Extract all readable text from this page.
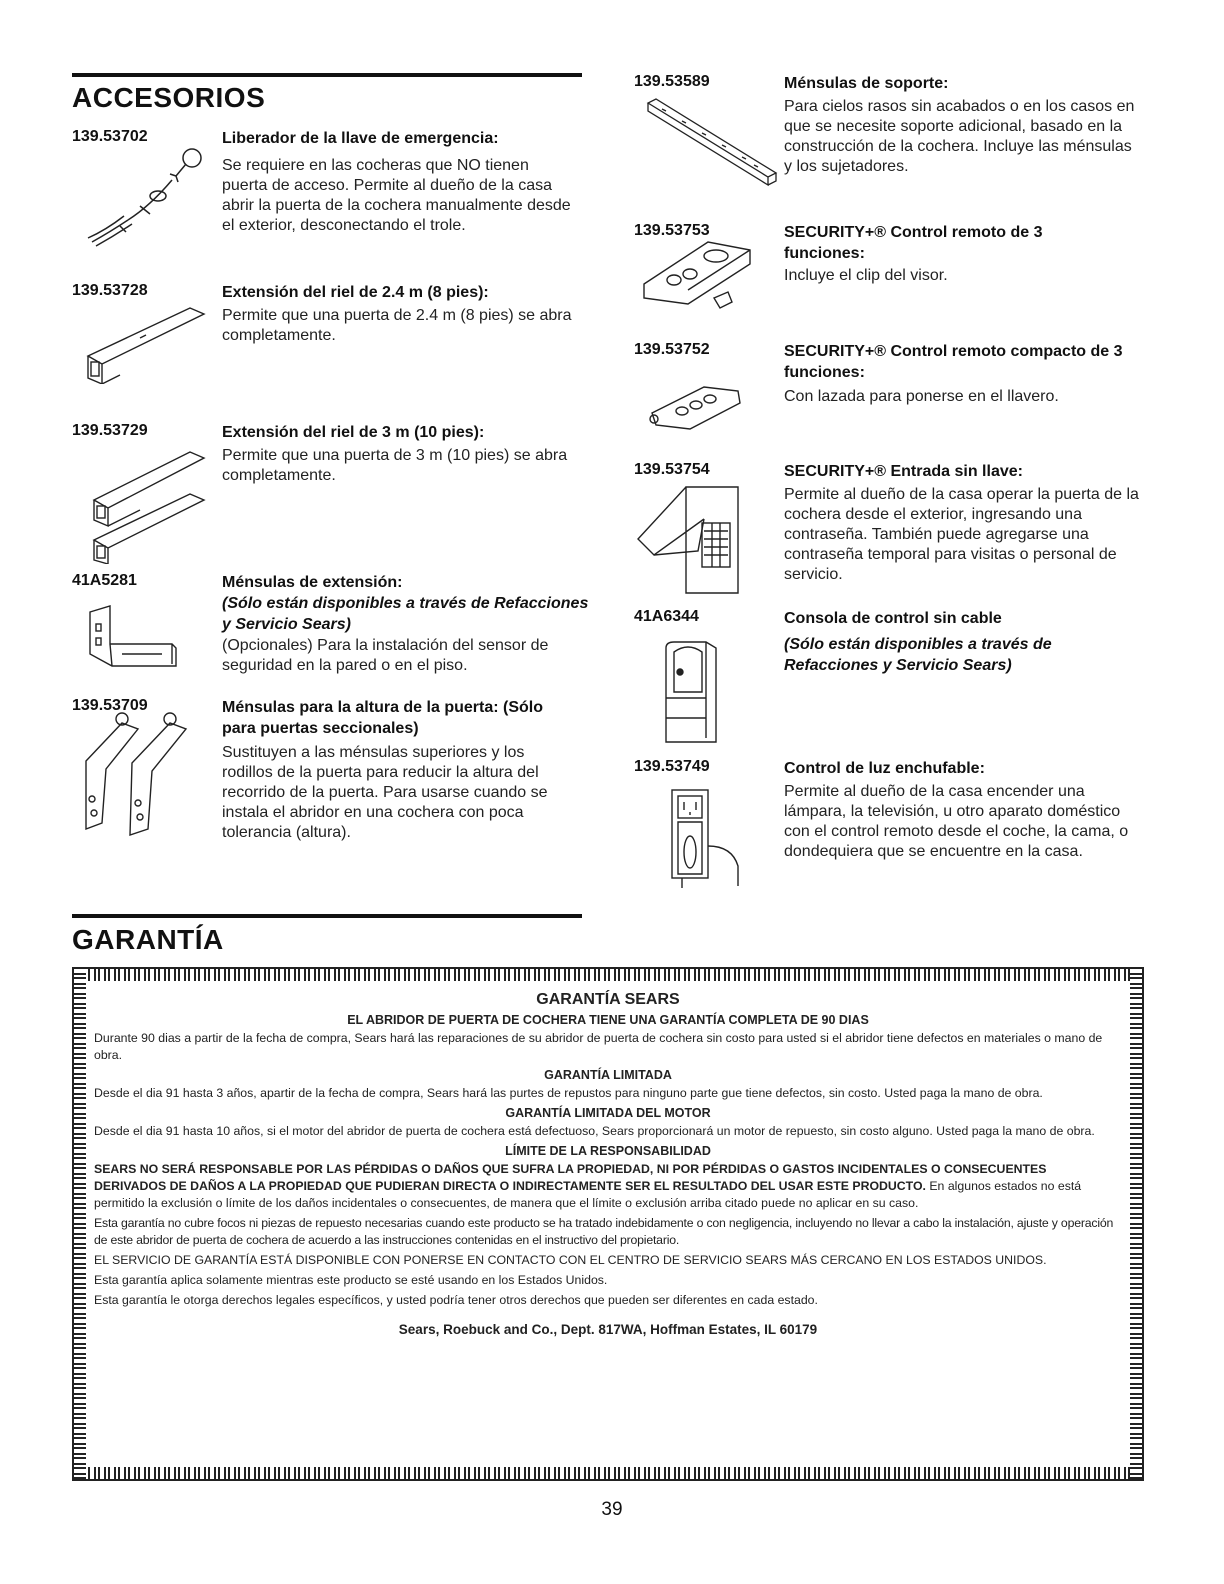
ACCESORIOS
139.53702	Liberador de la llave de emergencia:
Se requiere en las cocheras que NO tienen puerta de acceso. Permite al dueño de la casa abrir la puerta de la cochera manualmente desde el exterior, desconectando el trole.
139.53728	Extensión del riel de 2.4 m (8 pies):
Permite que una puerta de 2.4 m (8 pies) se abra completamente.
139.53729	Extensión del riel de 3 m (10 pies):
Permite que una puerta de 3 m (10 pies) se abra completamente.
41A5281	Ménsulas de extensión:
(Sólo están disponibles a través de Refacciones y Servicio Sears)
(Opcionales) Para la instalación del sensor de seguridad en la pared o en el piso.
139.53709	Ménsulas para la altura de la puerta: (Sólo para puertas seccionales)
Sustituyen a las ménsulas superiores y los rodillos de la puerta para reducir la altura del recorrido de la puerta. Para usarse cuando se instala el abridor en una cochera con poca tolerancia (altura).
139.53589	Ménsulas de soporte:
Para cielos rasos sin acabados o en los casos en que se necesite soporte adicional, basado en la construcción de la cochera. Incluye las ménsulas y los sujetadores.
139.53753	SECURITY+® Control remoto de 3 funciones:
Incluye el clip del visor.
139.53752	SECURITY+® Control remoto compacto de 3 funciones:
Con lazada para ponerse en el llavero.
139.53754	SECURITY+® Entrada sin llave:
Permite al dueño de la casa operar la puerta de la cochera desde el exterior, ingresando una contraseña. También puede agregarse una contraseña temporal para visitas o personal de servicio.
41A6344	Consola de control sin cable
(Sólo están disponibles a través de Refacciones y Servicio Sears)
139.53749	Control de luz enchufable:
Permite al dueño de la casa encender una lámpara, la televisión, u otro aparato doméstico con el control remoto desde el coche, la cama, o dondequiera que se encuentre en la casa.
GARANTÍA
GARANTÍA SEARS
EL ABRIDOR DE PUERTA DE COCHERA TIENE UNA GARANTÍA COMPLETA DE 90 DIAS

Durante 90 dias a partir de la fecha de compra, Sears hará las reparaciones de su abridor de puerta de cochera sin costo para usted si el abridor tiene defectos en materiales o mano de obra.

GARANTÍA LIMITADA

Desde el dia 91 hasta 3 años, apartir de la fecha de compra, Sears hará las purtes de repustos para ninguno parte gue tiene defectos, sin costo. Usted paga la mano de obra.

GARANTÍA LIMITADA DEL MOTOR

Desde el dia 91 hasta 10 años, si el motor del abridor de puerta de cochera está defectuoso, Sears proporcionará un motor de repuesto, sin costo alguno. Usted paga la mano de obra.

LÍMITE DE LA RESPONSABILIDAD

SEARS NO SERÁ RESPONSABLE POR LAS PÉRDIDAS O DAÑOS QUE SUFRA LA PROPIEDAD, NI POR PÉRDIDAS O GASTOS INCIDENTALES O CONSECUENTES DERIVADOS DE DAÑOS A LA PROPIEDAD QUE PUDIERAN DIRECTA O INDIRECTAMENTE SER EL RESULTADO DEL USAR ESTE PRODUCTO. En algunos estados no está permitido la exclusión o límite de los daños incidentales o consecuentes, de manera que el límite o exclusión arriba citado puede no aplicar en su caso.

Esta garantía no cubre focos ni piezas de repuesto necesarias cuando este producto se ha tratado indebidamente o con negligencia, incluyendo no llevar a cabo la instalación, ajuste y operación de este abridor de puerta de cochera de acuerdo a las instrucciones contenidas en el instructivo del propietario.

EL SERVICIO DE GARANTÍA ESTÁ DISPONIBLE CON PONERSE EN CONTACTO CON EL CENTRO DE SERVICIO SEARS MÁS CERCANO EN LOS ESTADOS UNIDOS.

Esta garantía aplica solamente mientras este producto se esté usando en los Estados Unidos.

Esta garantía le otorga derechos legales específicos, y usted podría tener otros derechos que pueden ser diferentes en cada estado.

Sears, Roebuck and Co., Dept. 817WA, Hoffman Estates, IL 60179
39
